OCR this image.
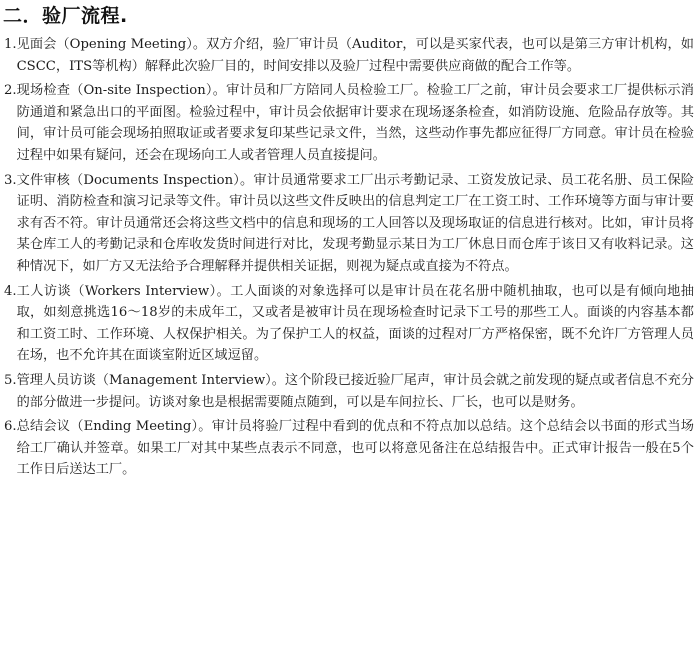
二．验厂流程.
1. 见面会（Opening Meeting）。双方介绍，验厂审计员（Auditor，可以是买家代表，也可以是第三方审计机构，如CSCC，ITS等机构）解释此次验厂目的，时间安排以及验厂过程中需要供应商做的配合工作等。
2. 现场检查（On-site Inspection）。审计员和厂方陪同人员检验工厂。检验工厂之前，审计员会要求工厂提供标示消防通道和紧急出口的平面图。检验过程中，审计员会依据审计要求在现场逐条检查，如消防设施、危险品存放等。其间，审计员可能会现场拍照取证或者要求复印某些记录文件，当然，这些动作事先都应征得厂方同意。审计员在检验过程中如果有疑问，还会在现场向工人或者管理人员直接提问。
3. 文件审核（Documents Inspection）。审计员通常要求工厂出示考勤记录、工资发放记录、员工花名册、员工保险证明、消防检查和演习记录等文件。审计员以这些文件反映出的信息判定工厂在工资工时、工作环境等方面与审计要求有否不符。审计员通常还会将这些文档中的信息和现场的工人回答以及现场取证的信息进行核对。比如，审计员将某仓库工人的考勤记录和仓库收发货时间进行对比，发现考勤显示某日为工厂休息日而仓库于该日又有收料记录。这种情况下，如厂方又无法给予合理解释并提供相关证据，则视为疑点或直接为不符点。
4. 工人访谈（Workers Interview）。工人面谈的对象选择可以是审计员在花名册中随机抽取，也可以是有倾向地抽取，如刻意挑选16～18岁的未成年工，又或者是被审计员在现场检查时记录下工号的那些工人。面谈的内容基本都和工资工时、工作环境、人权保护相关。为了保护工人的权益，面谈的过程对厂方严格保密，既不允许厂方管理人员在场，也不允许其在面谈室附近区域逗留。
5. 管理人员访谈（Management Interview）。这个阶段已接近验厂尾声，审计员会就之前发现的疑点或者信息不充分的部分做进一步提问。访谈对象也是根据需要随点随到，可以是车间拉长、厂长，也可以是财务。
6. 总结会议（Ending Meeting）。审计员将验厂过程中看到的优点和不符点加以总结。这个总结会以书面的形式当场给工厂确认并签章。如果工厂对其中某些点表示不同意，也可以将意见备注在总结报告中。正式审计报告一般在5个工作日后送达工厂。
